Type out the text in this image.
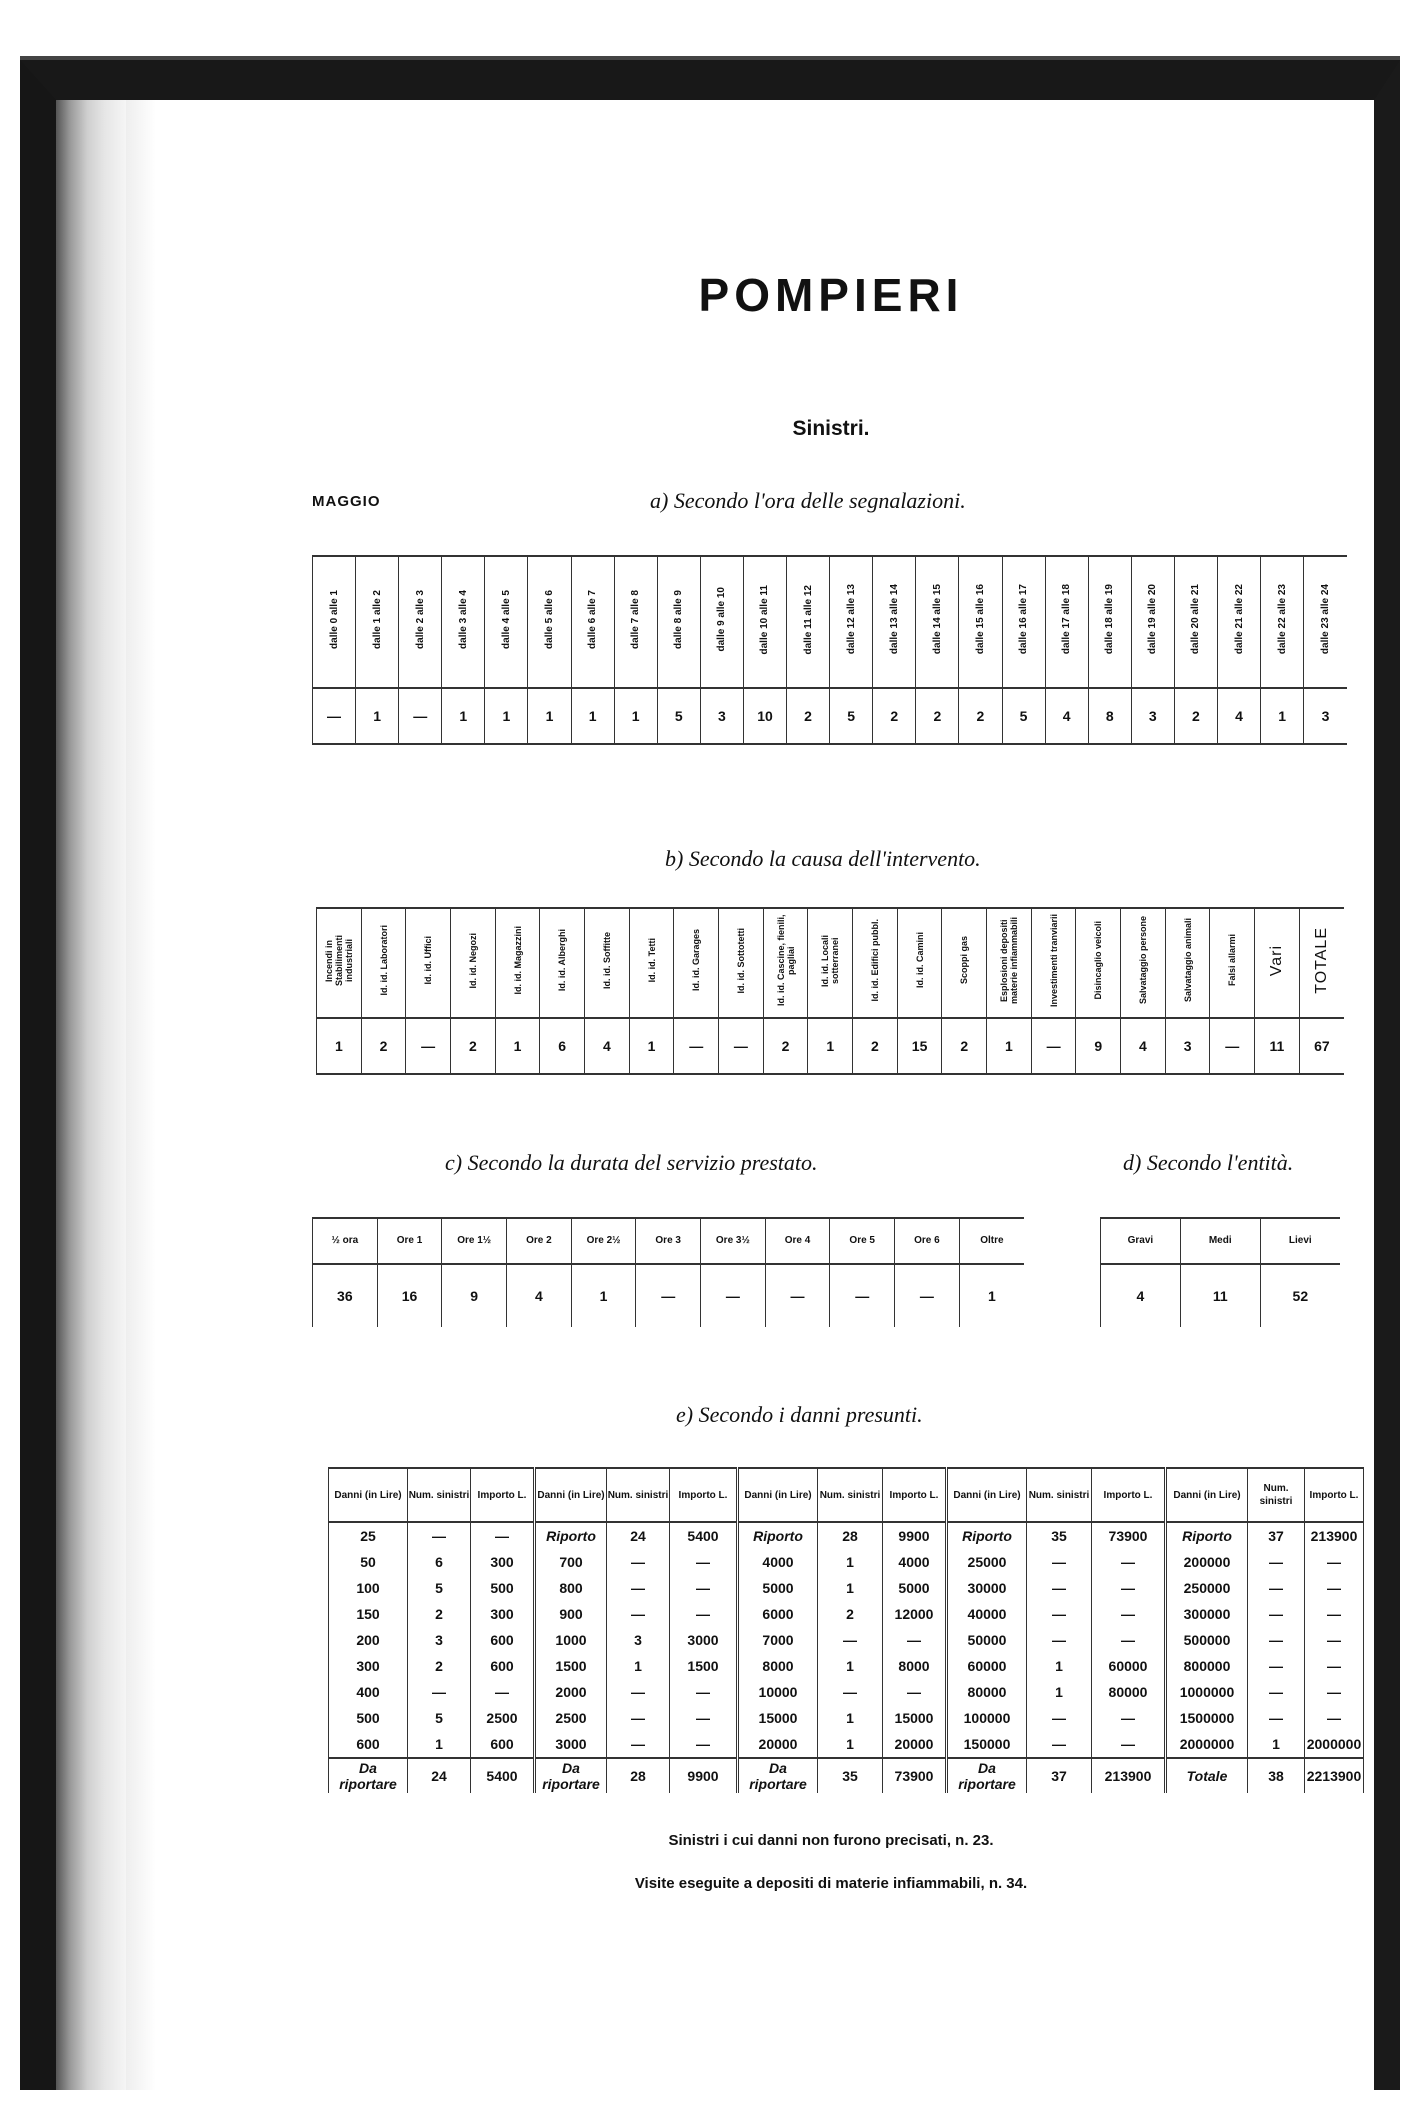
POMPIERI
Sinistri.
MAGGIO	a) Secondo l'ora delle segnalazioni.
dalle 0 alle 1	dalle 1 alle 2	dalle 2 alle 3	dalle 3 alle 4	dalle 4 alle 5	dalle 5 alle 6	dalle 6 alle 7	dalle 7 alle 8	dalle 8 alle 9	dalle 9 alle 10	dalle 10 alle 11	dalle 11 alle 12	dalle 12 alle 13	dalle 13 alle 14	dalle 14 alle 15	dalle 15 alle 16	dalle 16 alle 17	dalle 17 alle 18	dalle 18 alle 19	dalle 19 alle 20	dalle 20 alle 21	dalle 21 alle 22	dalle 22 alle 23	dalle 23 alle 24
—	1	—	1	1	1	1	1	5	3	10	2	5	2	2	2	5	4	8	3	2	4	1	3
b) Secondo la causa dell'intervento.
Incendi in Stabilimenti industriali	Id. id. Laboratori	Id. id. Uffici	Id. id. Negozi	Id. id. Magazzini	Id. id. Alberghi	Id. id. Soffitte	Id. id. Tetti	Id. id. Garages	Id. id. Sottotetti	Id. id. Cascine, fienili, pagliai	Id. id. Locali sotterranei	Id. id. Edifici pubbl.	Id. id. Camini	Scoppi gas	Esplosioni depositi materie infiammabili	Investimenti tranviarii	Disincaglio veicoli	Salvataggio persone	Salvataggio animali	Falsi allarmi	Vari	TOTALE
1	2	—	2	1	6	4	1	—	—	2	1	2	15	2	1	—	9	4	3	—	11	67
c) Secondo la durata del servizio prestato.
½ ora	Ore 1	Ore 1½	Ore 2	Ore 2½	Ore 3	Ore 3½	Ore 4	Ore 5	Ore 6	Oltre
36	16	9	4	1	—	—	—	—	—	1
d) Secondo l'entità.
Gravi	Medi	Lievi
4	11	52
e) Secondo i danni presunti.
Danni (in Lire)	Num. sinistri	Importo L.	Danni (in Lire)	Num. sinistri	Importo L.	Danni (in Lire)	Num. sinistri	Importo L.	Danni (in Lire)	Num. sinistri	Importo L.	Danni (in Lire)	Num. sinistri	Importo L.
25	—	—	Riporto	24	5400	Riporto	28	9900	Riporto	35	73900	Riporto	37	213900
50	6	300	700	—	—	4000	1	4000	25000	—	—	200000	—	—
100	5	500	800	—	—	5000	1	5000	30000	—	—	250000	—	—
150	2	300	900	—	—	6000	2	12000	40000	—	—	300000	—	—
200	3	600	1000	3	3000	7000	—	—	50000	—	—	500000	—	—
300	2	600	1500	1	1500	8000	1	8000	60000	1	60000	800000	—	—
400	—	—	2000	—	—	10000	—	—	80000	1	80000	1000000	—	—
500	5	2500	2500	—	—	15000	1	15000	100000	—	—	1500000	—	—
600	1	600	3000	—	—	20000	1	20000	150000	—	—	2000000	1	2000000
Da riportare	24	5400	Da riportare	28	9900	Da riportare	35	73900	Da riportare	37	213900	Totale	38	2213900
Sinistri i cui danni non furono precisati, n. 23.
Visite eseguite a depositi di materie infiammabili, n. 34.
